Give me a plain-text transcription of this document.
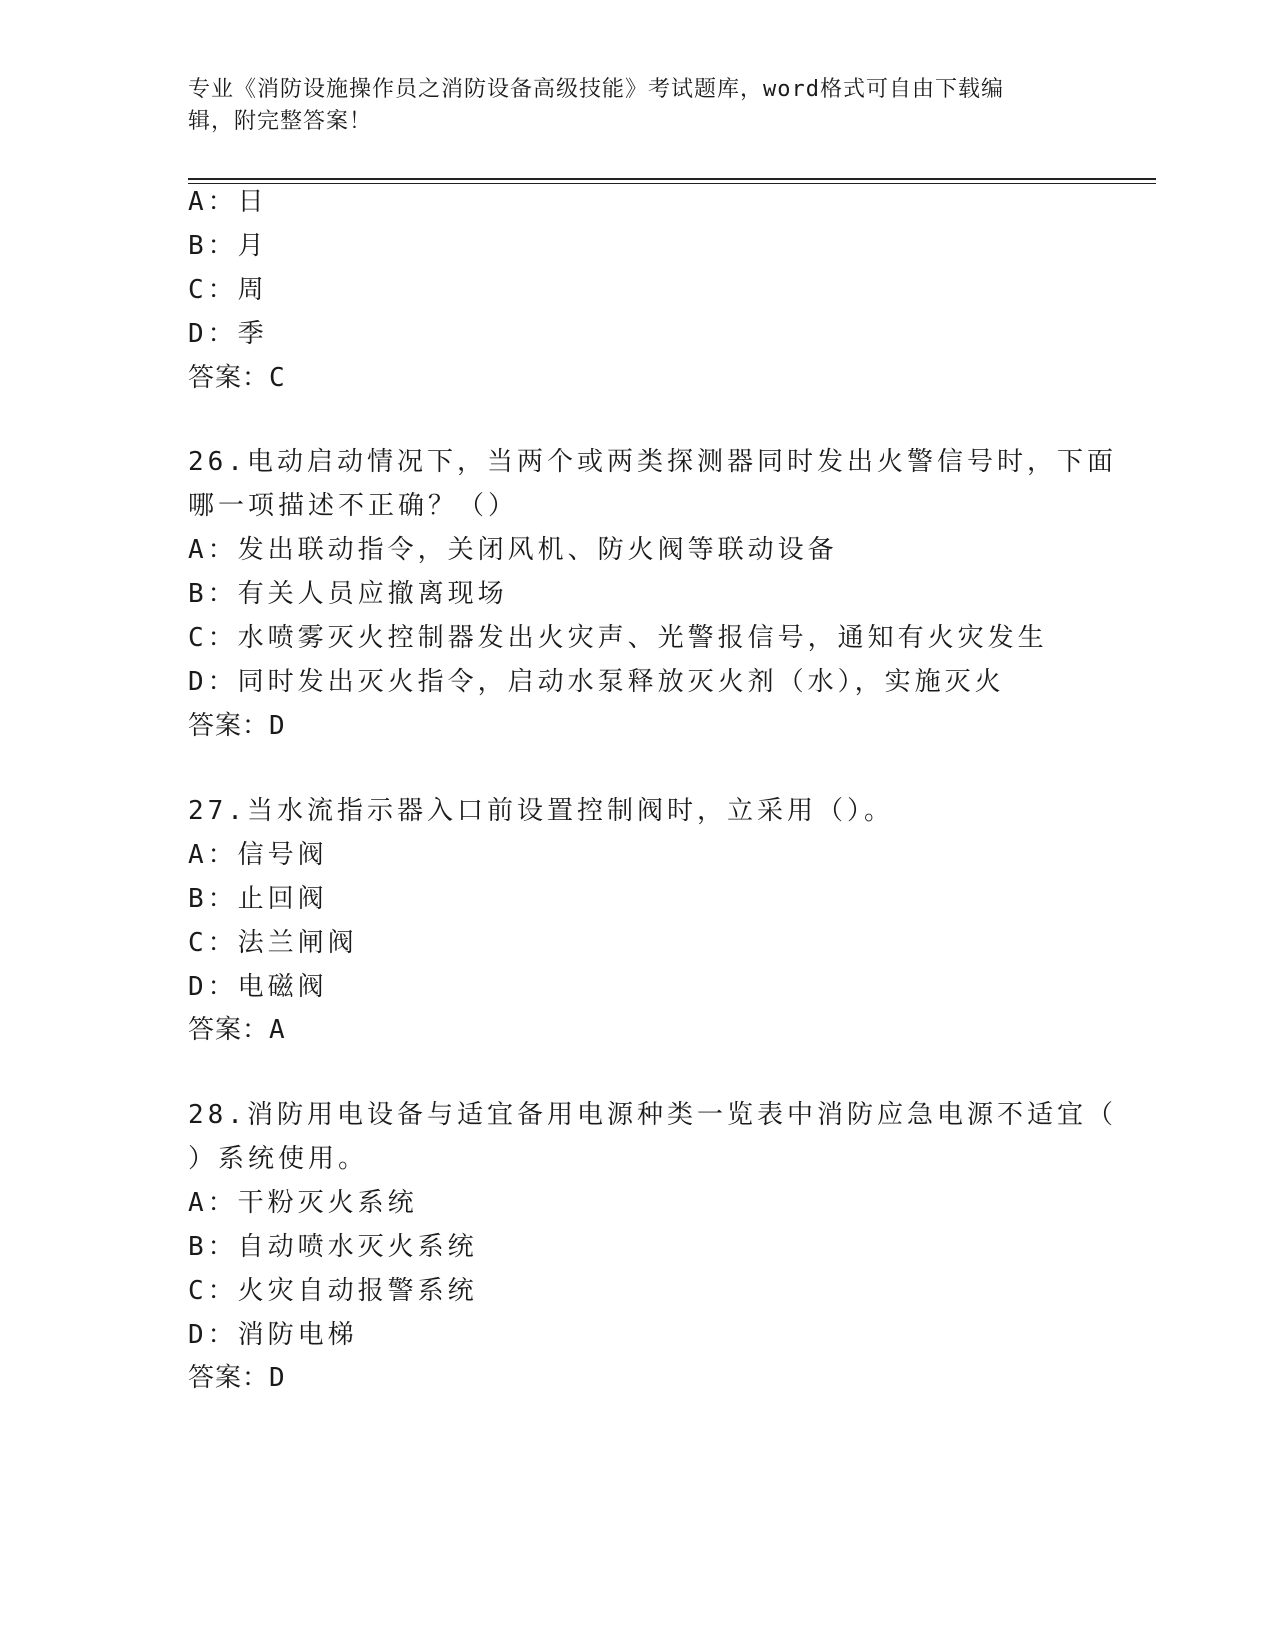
专业《消防设施操作员之消防设备高级技能》考试题库，word格式可自由下载编
辑，附完整答案！
A：日
B：月
C：周
D：季
答案：C
26.电动启动情况下，当两个或两类探测器同时发出火警信号时，下面
哪一项描述不正确？（）
A：发出联动指令，关闭风机、防火阀等联动设备
B：有关人员应撤离现场
C：水喷雾灭火控制器发出火灾声、光警报信号，通知有火灾发生
D：同时发出灭火指令，启动水泵释放灭火剂（水），实施灭火
答案：D
27.当水流指示器入口前设置控制阀时，立采用（）。
A：信号阀
B：止回阀
C：法兰闸阀
D：电磁阀
答案：A
28.消防用电设备与适宜备用电源种类一览表中消防应急电源不适宜（
）系统使用。
A：干粉灭火系统
B：自动喷水灭火系统
C：火灾自动报警系统
D：消防电梯
答案：D
